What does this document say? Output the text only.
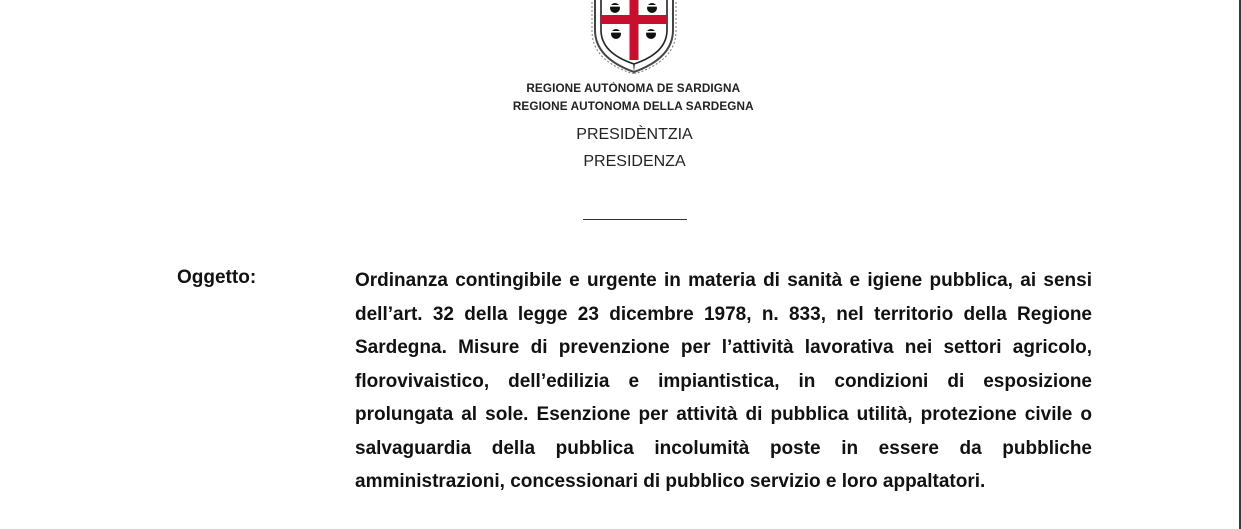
REGIONE AUTÒNOMA DE SARDIGNA
REGIONE AUTONOMA DELLA SARDEGNA
PRESIDÈNTZIA
PRESIDENZA
Oggetto:	Ordinanza contingibile e urgente in materia di sanità e igiene pubblica, ai sensi dell’art. 32 della legge 23 dicembre 1978, n. 833, nel territorio della Regione Sardegna. Misure di prevenzione per l’attività lavorativa nei settori agricolo, florovivaistico, dell’edilizia e impiantistica, in condizioni di esposizione prolungata al sole. Esenzione per attività di pubblica utilità, protezione civile o salvaguardia della pubblica incolumità poste in essere da pubbliche amministrazioni, concessionari di pubblico servizio e loro appaltatori.
